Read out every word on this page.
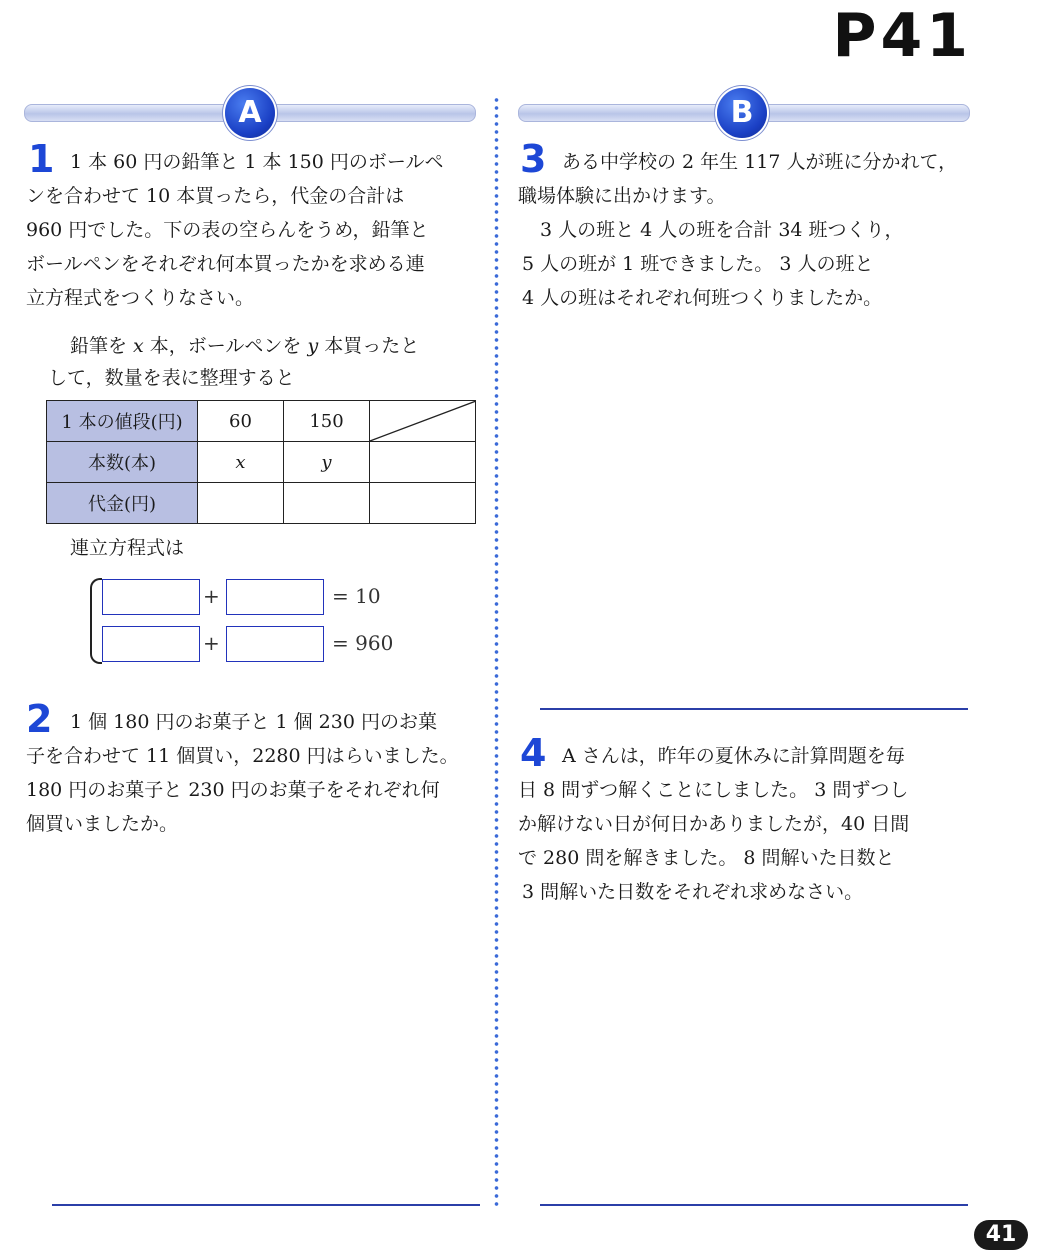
P41
A	B
1 1 本 60 円の鉛筆と 1 本 150 円のボールペ
ンを合わせて 10 本買ったら，代金の合計は
960 円でした。下の表の空らんをうめ，鉛筆と
ボールペンをそれぞれ何本買ったかを求める連
立方程式をつくりなさい。
鉛筆を x 本，ボールペンを y 本買ったと
して，数量を表に整理すると
1 本の値段(円)	60	150	

本数(本)	x	y	
代金(円)			
連立方程式は
+	= 10
+	= 960
2 1 個 180 円のお菓子と 1 個 230 円のお菓
子を合わせて 11 個買い，2280 円はらいました。
180 円のお菓子と 230 円のお菓子をそれぞれ何
個買いましたか。
3 ある中学校の 2 年生 117 人が班に分かれて，
職場体験に出かけます。
3 人の班と 4 人の班を合計 34 班つくり，
5 人の班が 1 班できました。 3 人の班と
4 人の班はそれぞれ何班つくりましたか。
4 A さんは，昨年の夏休みに計算問題を毎
日 8 問ずつ解くことにしました。 3 問ずつし
か解けない日が何日かありましたが，40 日間
で 280 問を解きました。 8 問解いた日数と
3 問解いた日数をそれぞれ求めなさい。
41
